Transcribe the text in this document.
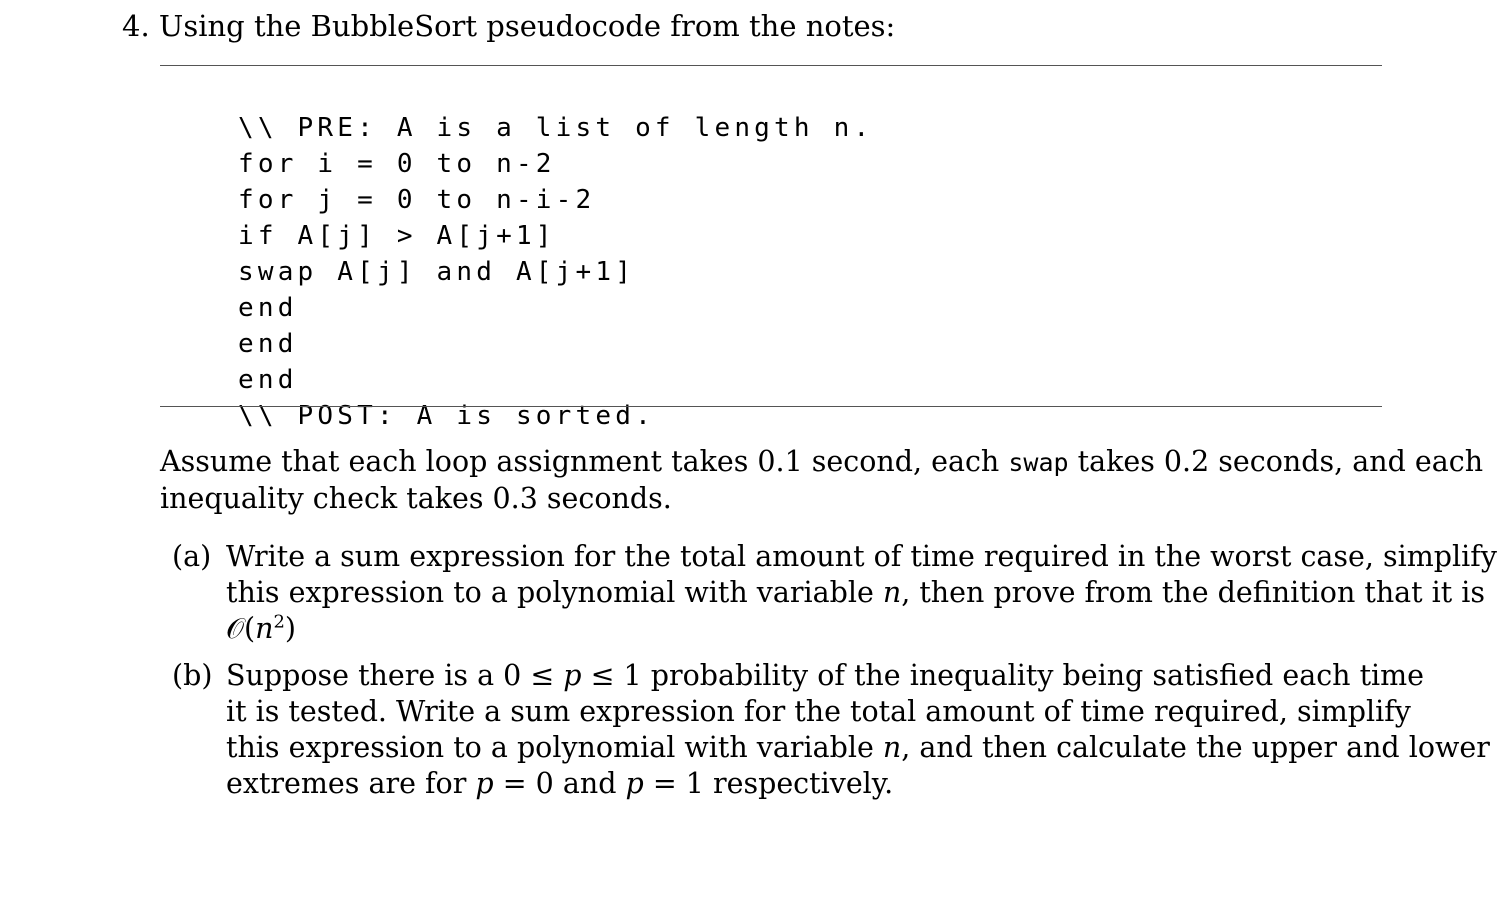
4. Using the BubbleSort pseudocode from the notes:

\\ PRE: A is a list of length n.
for i = 0 to n-2
for j = 0 to n-i-2
if A[j] > A[j+1]
swap A[j] and A[j+1]
end
end
end
\\ POST: A is sorted.

Assume that each loop assignment takes 0.1 second, each swap takes 0.2 seconds, and each
inequality check takes 0.3 seconds.
(a) Write a sum expression for the total amount of time required in the worst case, simplify
this expression to a polynomial with variable n, then prove from the definition that it is
$𝒪(n^2)$
(b) Suppose there is a 0 ≤ p ≤ 1 probability of the inequality being satisfied each time
it is tested. Write a sum expression for the total amount of time required, simplify
this expression to a polynomial with variable n, and then calculate the upper and lower
extremes are for p = 0 and p = 1 respectively.
